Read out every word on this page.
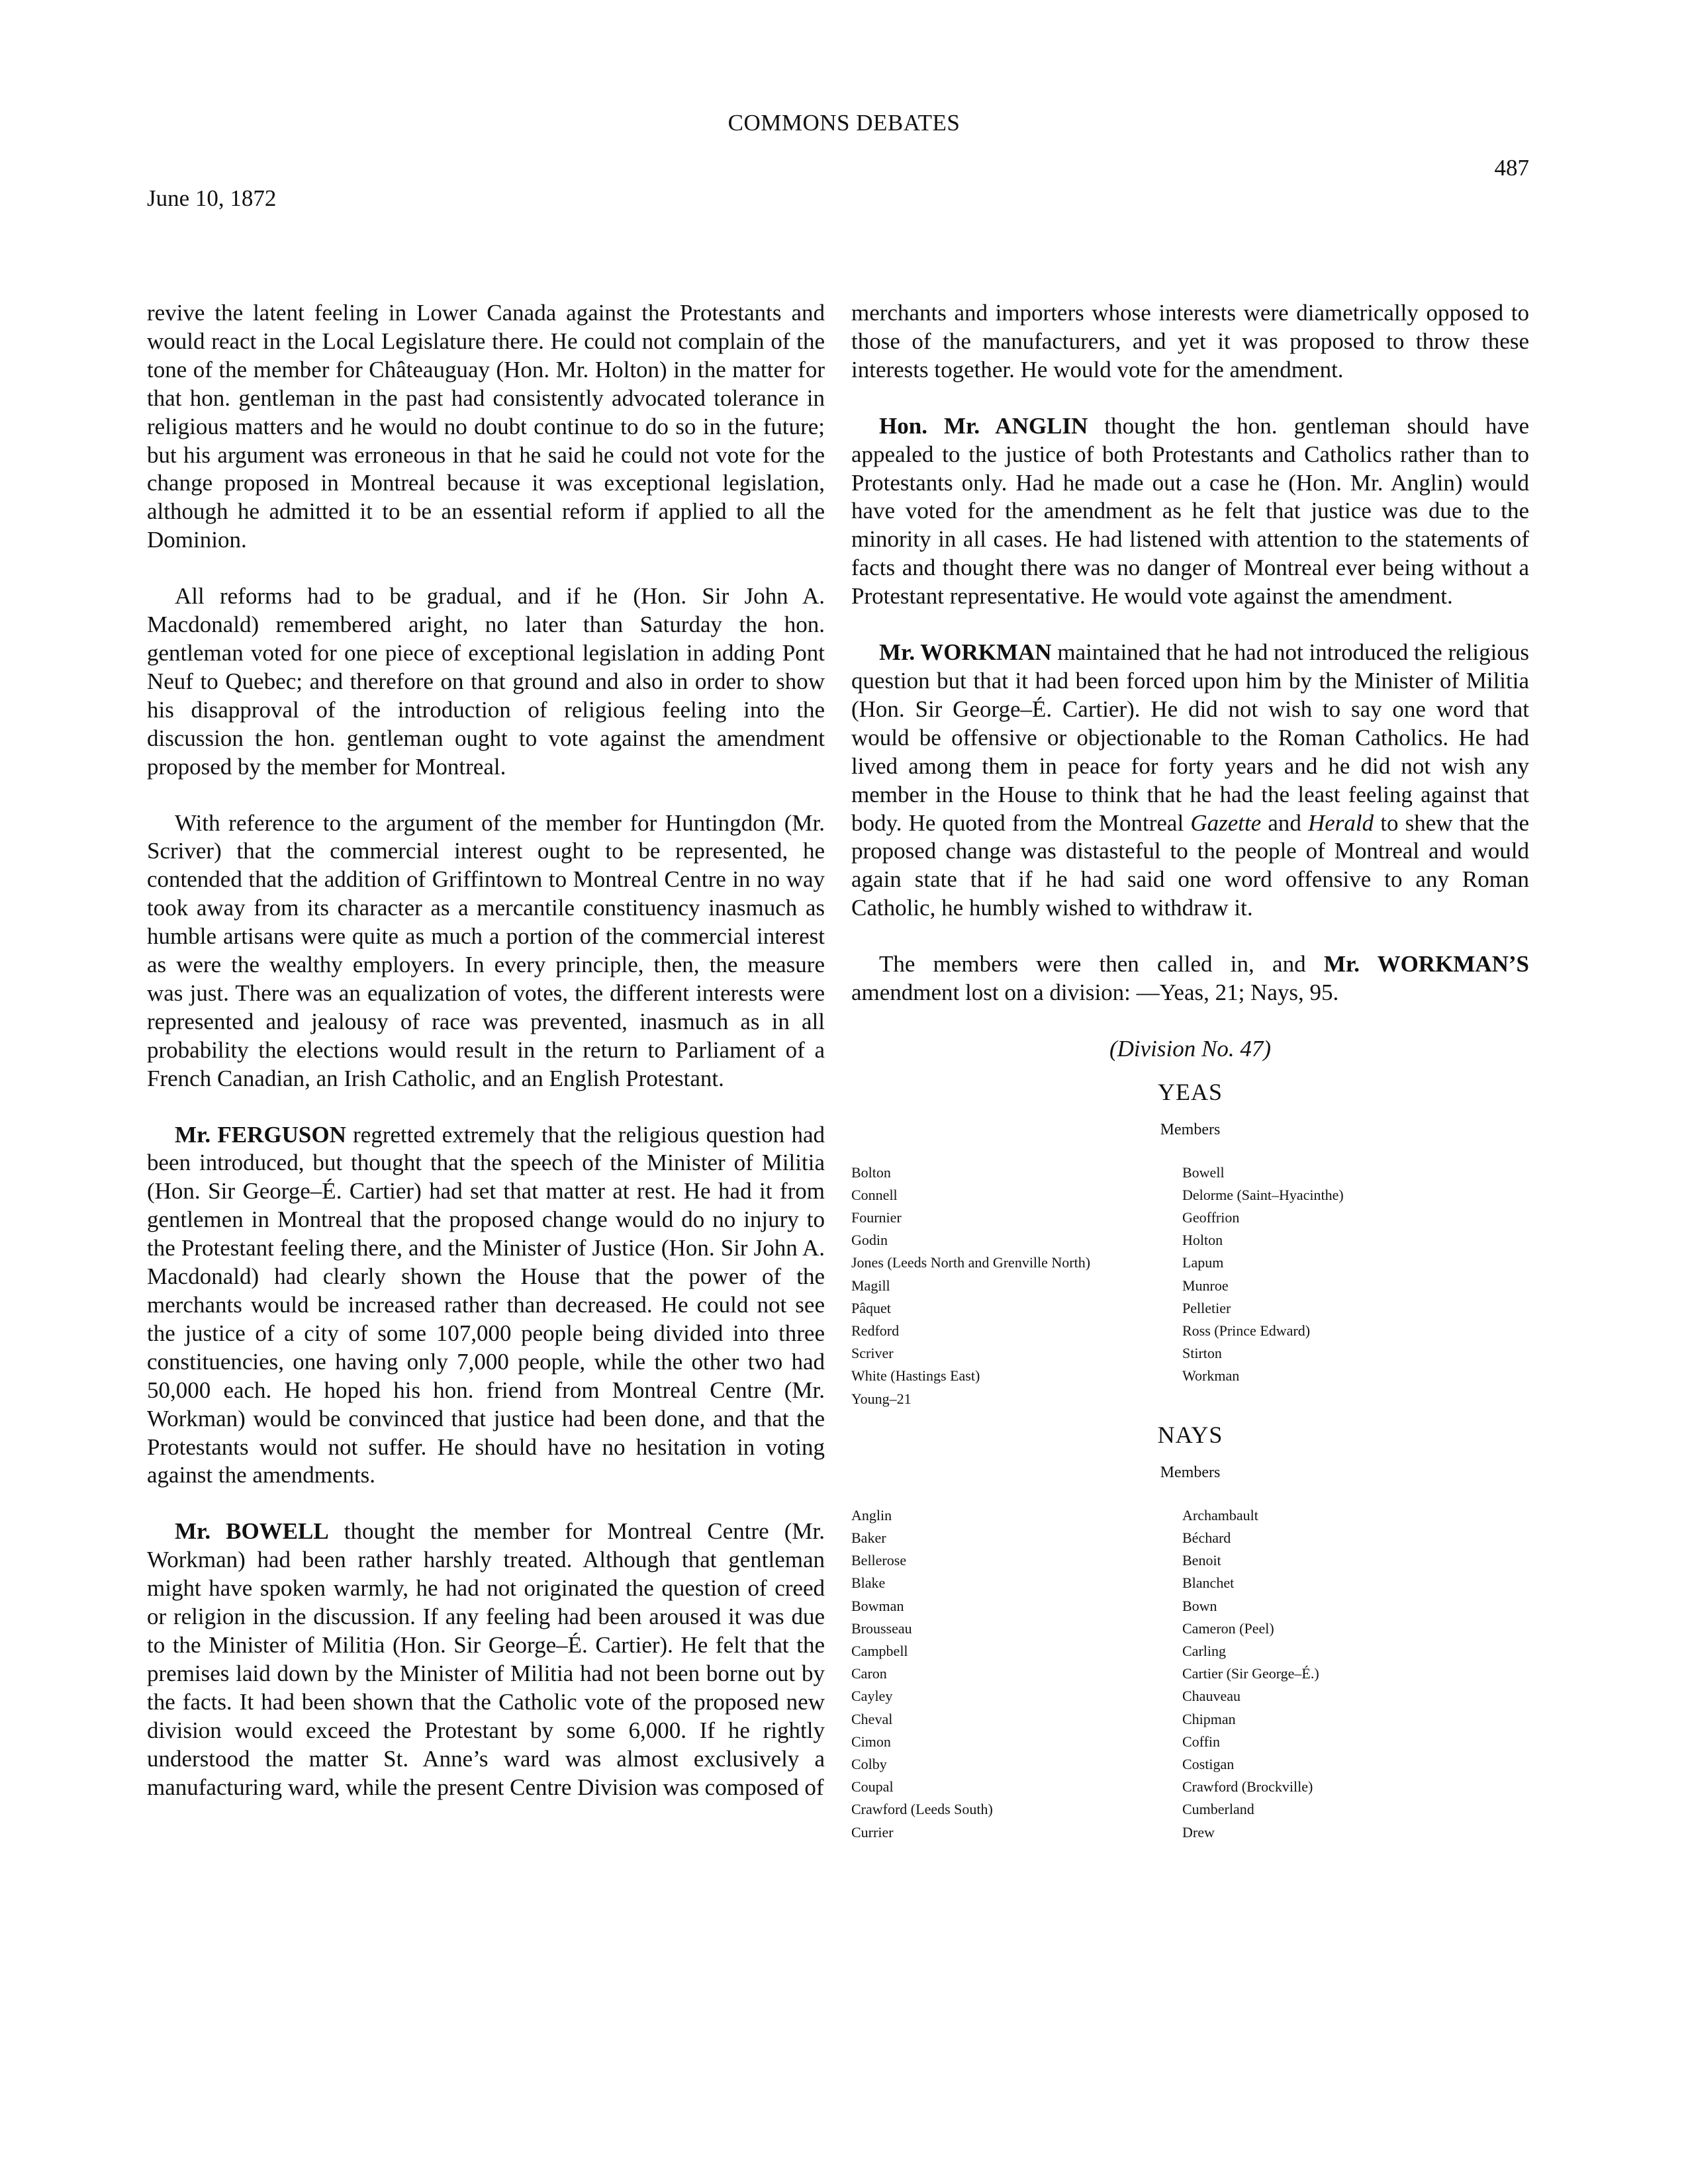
COMMONS DEBATES
487
June 10, 1872

revive the latent feeling in Lower Canada against the Protestants and would react in the Local Legislature there. He could not complain of the tone of the member for Châteauguay (Hon. Mr. Holton) in the matter for that hon. gentleman in the past had consistently advocated tolerance in religious matters and he would no doubt continue to do so in the future; but his argument was erroneous in that he said he could not vote for the change proposed in Montreal because it was exceptional legislation, although he admitted it to be an essential reform if applied to all the Dominion.

All reforms had to be gradual, and if he (Hon. Sir John A. Macdonald) remembered aright, no later than Saturday the hon. gentleman voted for one piece of exceptional legislation in adding Pont Neuf to Quebec; and therefore on that ground and also in order to show his disapproval of the introduction of religious feeling into the discussion the hon. gentleman ought to vote against the amendment proposed by the member for Montreal.

With reference to the argument of the member for Huntingdon (Mr. Scriver) that the commercial interest ought to be represented, he contended that the addition of Griffintown to Montreal Centre in no way took away from its character as a mercantile constituency inasmuch as humble artisans were quite as much a portion of the commercial interest as were the wealthy employers. In every principle, then, the measure was just. There was an equalization of votes, the different interests were represented and jealousy of race was prevented, inasmuch as in all probability the elections would result in the return to Parliament of a French Canadian, an Irish Catholic, and an English Protestant.

Mr. FERGUSON regretted extremely that the religious question had been introduced, but thought that the speech of the Minister of Militia (Hon. Sir George–É. Cartier) had set that matter at rest. He had it from gentlemen in Montreal that the proposed change would do no injury to the Protestant feeling there, and the Minister of Justice (Hon. Sir John A. Macdonald) had clearly shown the House that the power of the merchants would be increased rather than decreased. He could not see the justice of a city of some 107,000 people being divided into three constituencies, one having only 7,000 people, while the other two had 50,000 each. He hoped his hon. friend from Montreal Centre (Mr. Workman) would be convinced that justice had been done, and that the Protestants would not suffer. He should have no hesitation in voting against the amendments.

Mr. BOWELL thought the member for Montreal Centre (Mr. Workman) had been rather harshly treated. Although that gentleman might have spoken warmly, he had not originated the question of creed or religion in the discussion. If any feeling had been aroused it was due to the Minister of Militia (Hon. Sir George–É. Cartier). He felt that the premises laid down by the Minister of Militia had not been borne out by the facts. It had been shown that the Catholic vote of the proposed new division would exceed the Protestant by some 6,000. If he rightly understood the matter St. Anne’s ward was almost exclusively a manufacturing ward, while the present Centre Division was composed of

merchants and importers whose interests were diametrically opposed to those of the manufacturers, and yet it was proposed to throw these interests together. He would vote for the amendment.

Hon. Mr. ANGLIN thought the hon. gentleman should have appealed to the justice of both Protestants and Catholics rather than to Protestants only. Had he made out a case he (Hon. Mr. Anglin) would have voted for the amendment as he felt that justice was due to the minority in all cases. He had listened with attention to the statements of facts and thought there was no danger of Montreal ever being without a Protestant representative. He would vote against the amendment.

Mr. WORKMAN maintained that he had not introduced the religious question but that it had been forced upon him by the Minister of Militia (Hon. Sir George–É. Cartier). He did not wish to say one word that would be offensive or objectionable to the Roman Catholics. He had lived among them in peace for forty years and he did not wish any member in the House to think that he had the least feeling against that body. He quoted from the Montreal Gazette and Herald to shew that the proposed change was distasteful to the people of Montreal and would again state that if he had said one word offensive to any Roman Catholic, he humbly wished to withdraw it.

The members were then called in, and Mr. WORKMAN’S amendment lost on a division: —Yeas, 21; Nays, 95.

(Division No. 47)
YEAS
Members
Bolton	Bowell
Connell	Delorme (Saint–Hyacinthe)
Fournier	Geoffrion
Godin	Holton
Jones (Leeds North and Grenville North)	Lapum
Magill	Munroe
Pâquet	Pelletier
Redford	Ross (Prince Edward)
Scriver	Stirton
White (Hastings East)	Workman
Young–21
NAYS
Members
Anglin	Archambault
Baker	Béchard
Bellerose	Benoit
Blake	Blanchet
Bowman	Bown
Brousseau	Cameron (Peel)
Campbell	Carling
Caron	Cartier (Sir George–É.)
Cayley	Chauveau
Cheval	Chipman
Cimon	Coffin
Colby	Costigan
Coupal	Crawford (Brockville)
Crawford (Leeds South)	Cumberland
Currier	Drew
